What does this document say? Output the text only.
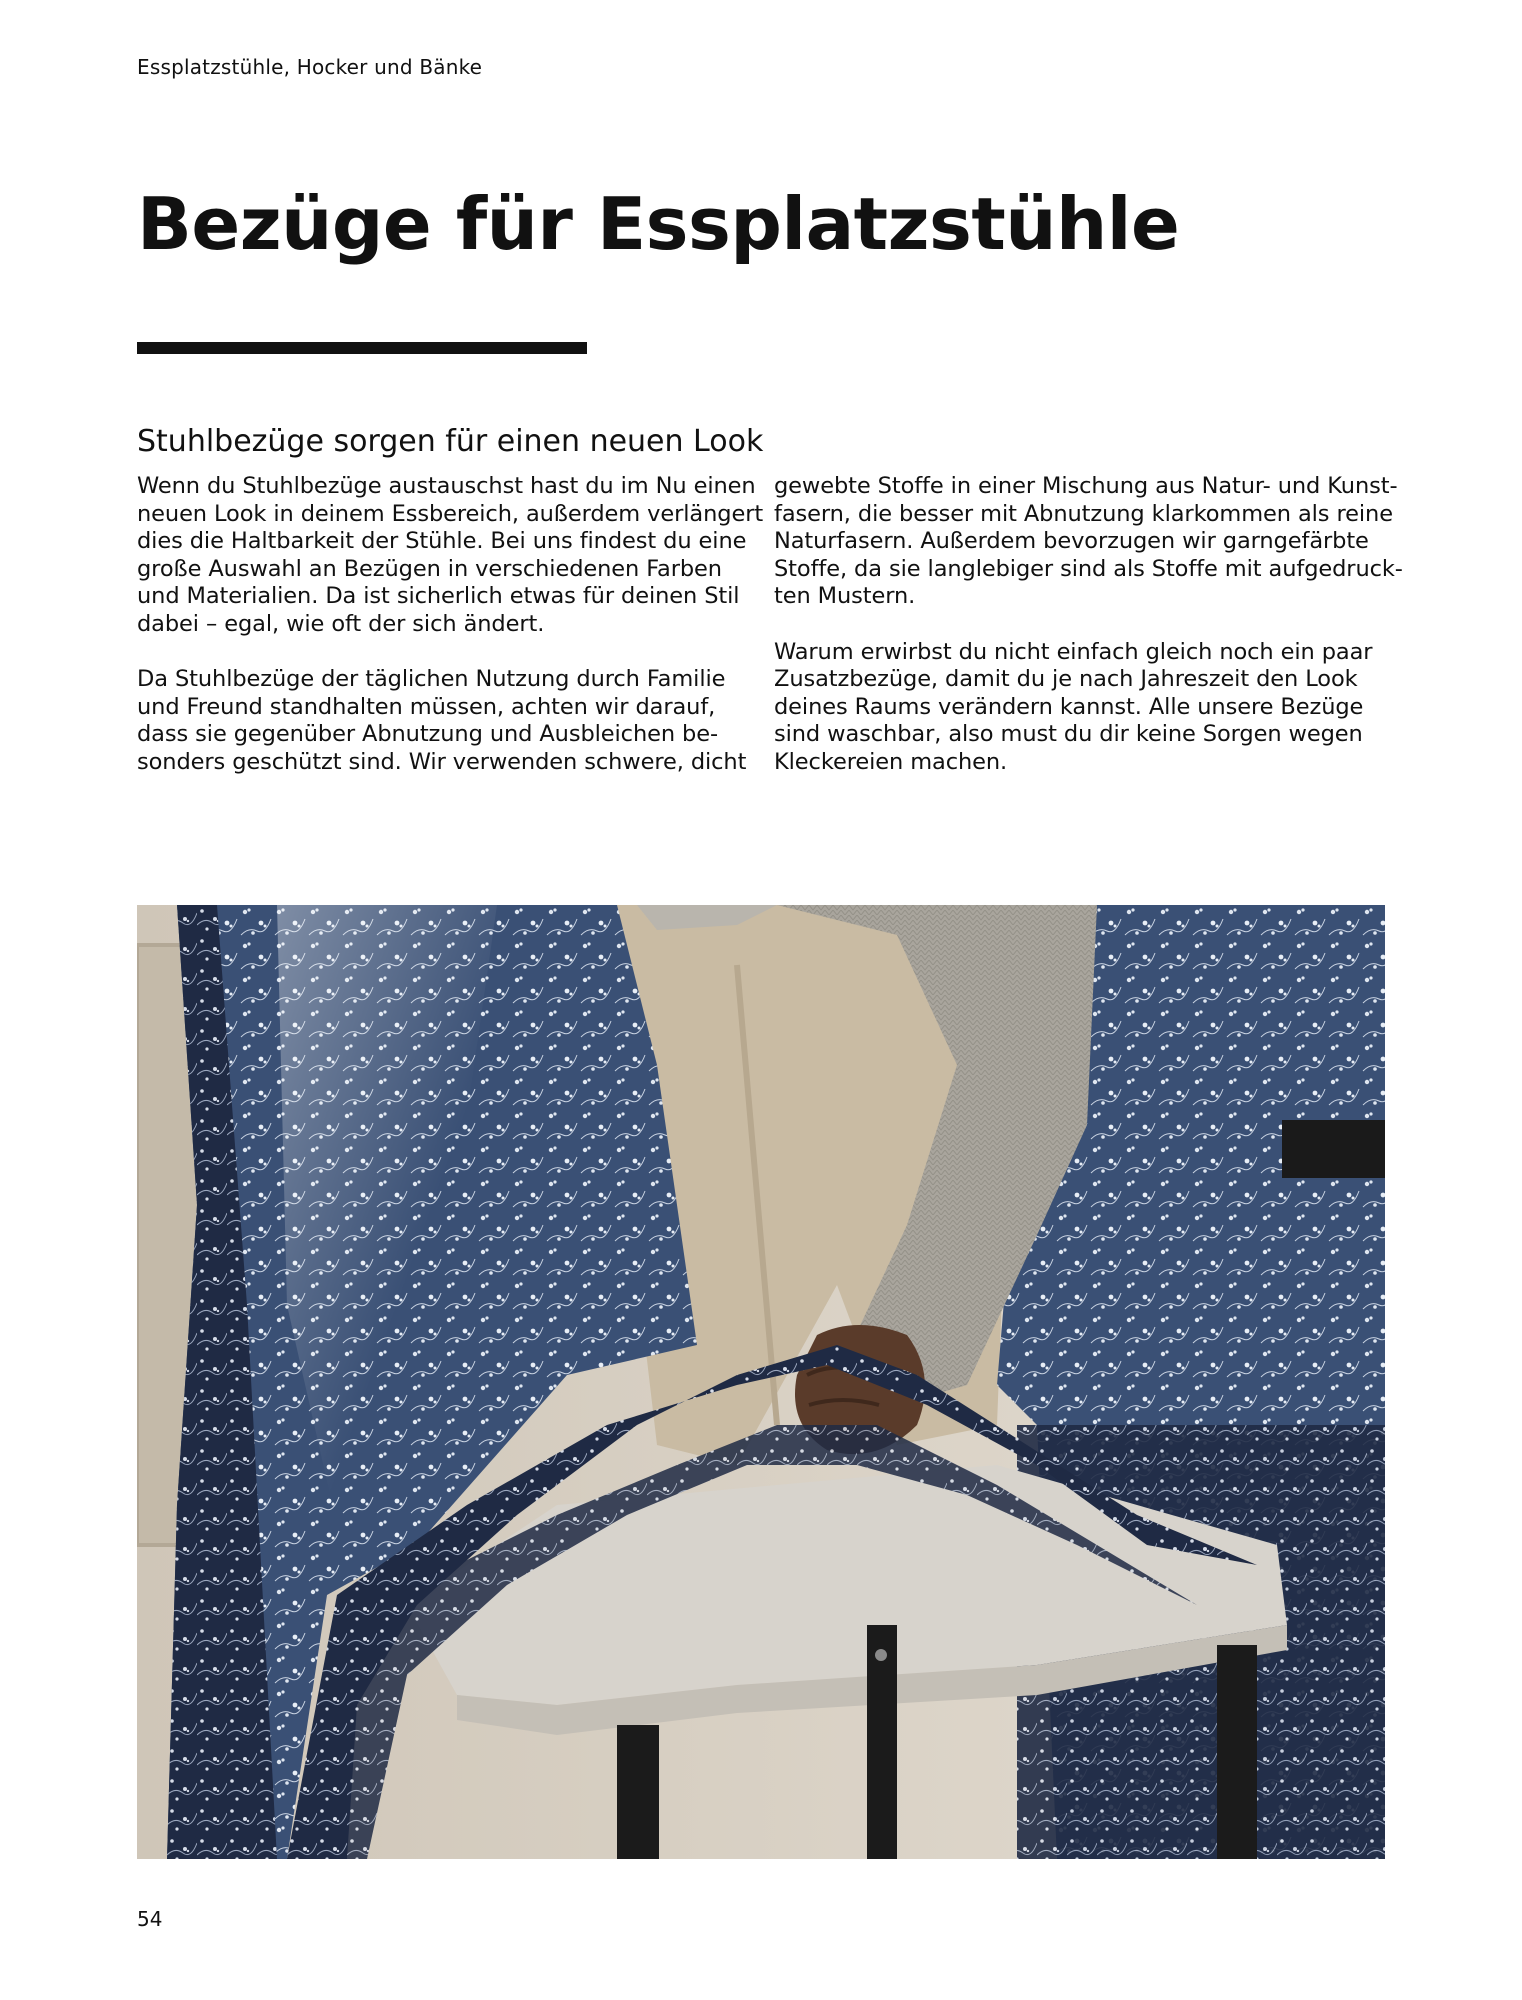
Essplatzstühle, Hocker und Bänke
Bezüge für Essplatzstühle
Stuhlbezüge sorgen für einen neuen Look
Wenn du Stuhlbezüge austauschst hast du im Nu einen
neuen Look in deinem Essbereich, außerdem verlängert
dies die Haltbarkeit der Stühle. Bei uns findest du eine
große Auswahl an Bezügen in verschiedenen Farben
und Materialien. Da ist sicherlich etwas für deinen Stil
dabei – egal, wie oft der sich ändert.
Da Stuhlbezüge der täglichen Nutzung durch Familie
und Freund standhalten müssen, achten wir darauf,
dass sie gegenüber Abnutzung und Ausbleichen be-
sonders geschützt sind. Wir verwenden schwere, dicht
gewebte Stoffe in einer Mischung aus Natur- und Kunst-
fasern, die besser mit Abnutzung klarkommen als reine
Naturfasern. Außerdem bevorzugen wir garngefärbte
Stoffe, da sie langlebiger sind als Stoffe mit aufgedruck-
ten Mustern.
Warum erwirbst du nicht einfach gleich noch ein paar
Zusatzbezüge, damit du je nach Jahreszeit den Look
deines Raums verändern kannst. Alle unsere Bezüge
sind waschbar, also must du dir keine Sorgen wegen
Kleckereien machen.
54
